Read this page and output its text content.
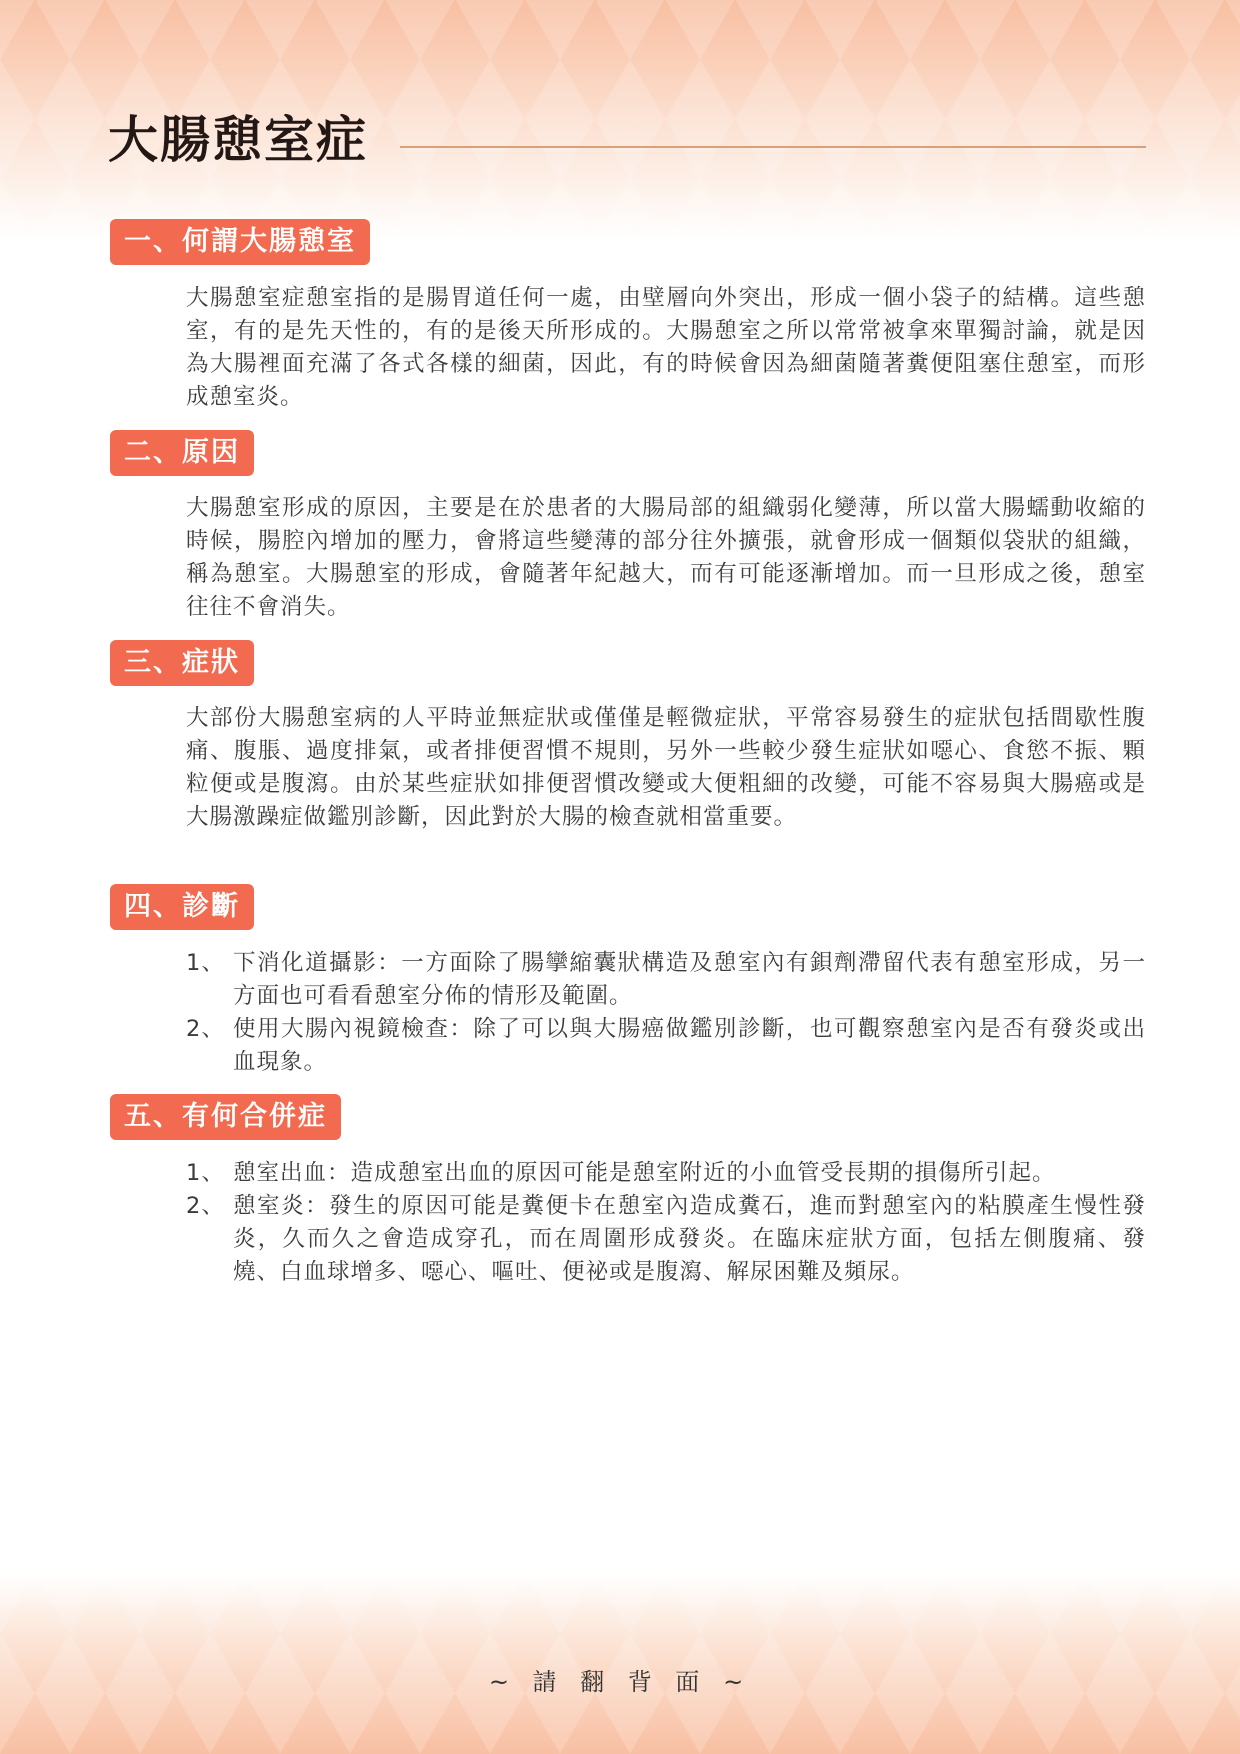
大腸憩室症
一、何謂大腸憩室

大腸憩室症憩室指的是腸胃道任何一處，由壁層向外突出，形成一個小袋子的結構。這些憩室，有的是先天性的，有的是後天所形成的。大腸憩室之所以常常被拿來單獨討論，就是因為大腸裡面充滿了各式各樣的細菌，因此，有的時候會因為細菌隨著糞便阻塞住憩室，而形成憩室炎。

二、原因

大腸憩室形成的原因，主要是在於患者的大腸局部的組織弱化變薄，所以當大腸蠕動收縮的時候，腸腔內增加的壓力，會將這些變薄的部分往外擴張，就會形成一個類似袋狀的組織，稱為憩室。大腸憩室的形成，會隨著年紀越大，而有可能逐漸增加。而一旦形成之後，憩室往往不會消失。

三、症狀

大部份大腸憩室病的人平時並無症狀或僅僅是輕微症狀，平常容易發生的症狀包括間歇性腹痛、腹脹、過度排氣，或者排便習慣不規則，另外一些較少發生症狀如噁心、食慾不振、顆粒便或是腹瀉。由於某些症狀如排便習慣改變或大便粗細的改變，可能不容易與大腸癌或是大腸激躁症做鑑別診斷，因此對於大腸的檢查就相當重要。

四、診斷
1、 下消化道攝影：一方面除了腸攣縮囊狀構造及憩室內有鋇劑滯留代表有憩室形成，另一方面也可看看憩室分佈的情形及範圍。
2、 使用大腸內視鏡檢查：除了可以與大腸癌做鑑別診斷，也可觀察憩室內是否有發炎或出血現象。
五、有何合併症
1、 憩室出血：造成憩室出血的原因可能是憩室附近的小血管受長期的損傷所引起。
2、 憩室炎：發生的原因可能是糞便卡在憩室內造成糞石，進而對憩室內的粘膜產生慢性發炎，久而久之會造成穿孔，而在周圍形成發炎。在臨床症狀方面，包括左側腹痛、發燒、白血球增多、噁心、嘔吐、便祕或是腹瀉、解尿困難及頻尿。
~ 請 翻 背 面 ~
